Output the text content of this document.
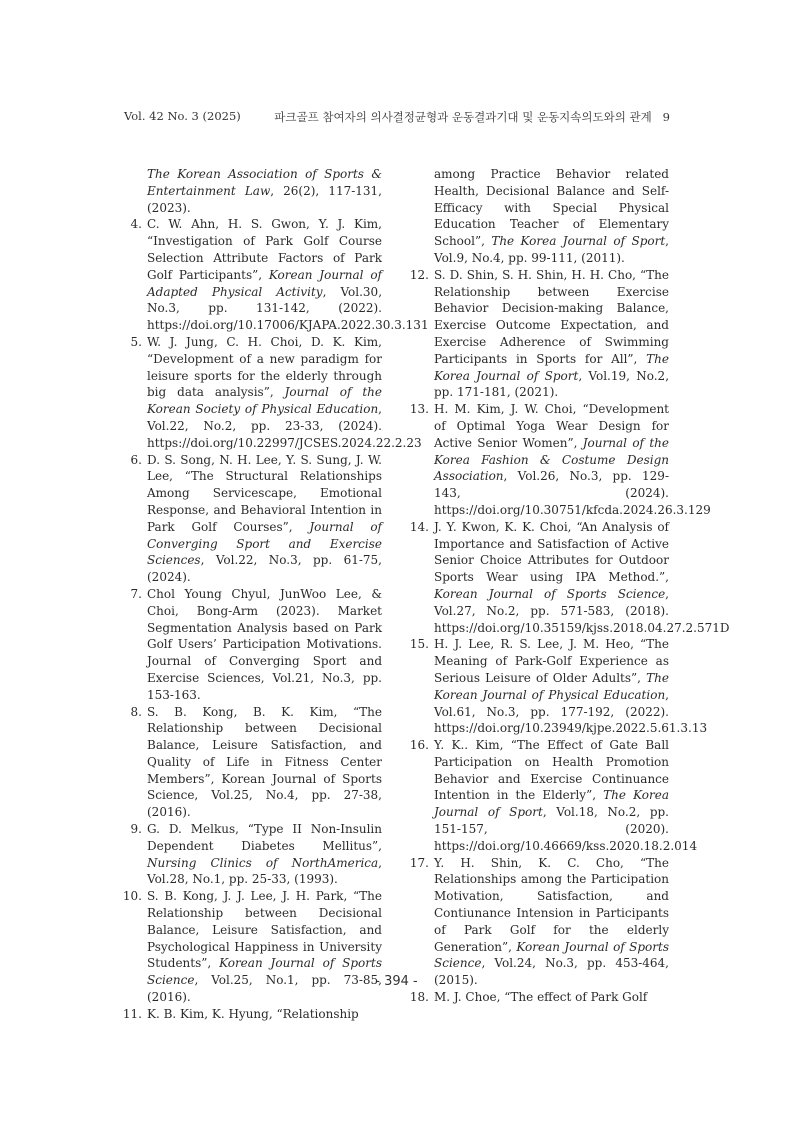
Vol. 42 No. 3 (2025)	파크골프 참여자의 의사결정균형과 운동결과기대 및 운동지속의도와의 관계 9
The Korean Association of Sports & Entertainment Law, 26(2), 117-131, (2023).
4. C. W. Ahn, H. S. Gwon, Y. J. Kim, “Investigation of Park Golf Course Selection Attribute Factors of Park Golf Participants”, Korean Journal of Adapted Physical Activity, Vol.30, No.3, pp. 131-142, (2022). https://doi.org/10.17006/KJAPA.2022.30.3.131
5. W. J. Jung, C. H. Choi, D. K. Kim, “Development of a new paradigm for leisure sports for the elderly through big data analysis”, Journal of the Korean Society of Physical Education, Vol.22, No.2, pp. 23-33, (2024). https://doi.org/10.22997/JCSES.2024.22.2.23
6. D. S. Song, N. H. Lee, Y. S. Sung, J. W. Lee, “The Structural Relationships Among Servicescape, Emotional Response, and Behavioral Intention in Park Golf Courses”, Journal of Converging Sport and Exercise Sciences, Vol.22, No.3, pp. 61-75, (2024).
7. Chol Young Chyul, JunWoo Lee, & Choi, Bong-Arm (2023). Market Segmentation Analysis based on Park Golf Users’ Participation Motivations. Journal of Converging Sport and Exercise Sciences, Vol.21, No.3, pp. 153-163.
8. S. B. Kong, B. K. Kim, “The Relationship between Decisional Balance, Leisure Satisfaction, and Quality of Life in Fitness Center Members”, Korean Journal of Sports Science, Vol.25, No.4, pp. 27-38, (2016).
9. G. D. Melkus, “Type II Non-Insulin Dependent Diabetes Mellitus”, Nursing Clinics of NorthAmerica, Vol.28, No.1, pp. 25-33, (1993).
10. S. B. Kong, J. J. Lee, J. H. Park, “The Relationship between Decisional Balance, Leisure Satisfaction, and Psychological Happiness in University Students”, Korean Journal of Sports Science, Vol.25, No.1, pp. 73-85, (2016).
11. K. B. Kim, K. Hyung, “Relationship
among Practice Behavior related Health, Decisional Balance and Self-Efficacy with Special Physical Education Teacher of Elementary School”, The Korea Journal of Sport, Vol.9, No.4, pp. 99-111, (2011).
12. S. D. Shin, S. H. Shin, H. H. Cho, “The Relationship between Exercise Behavior Decision-making Balance, Exercise Outcome Expectation, and Exercise Adherence of Swimming Participants in Sports for All”, The Korea Journal of Sport, Vol.19, No.2, pp. 171-181, (2021).
13. H. M. Kim, J. W. Choi, “Development of Optimal Yoga Wear Design for Active Senior Women”, Journal of the Korea Fashion & Costume Design Association, Vol.26, No.3, pp. 129-143, (2024). https://doi.org/10.30751/kfcda.2024.26.3.129
14. J. Y. Kwon, K. K. Choi, “An Analysis of Importance and Satisfaction of Active Senior Choice Attributes for Outdoor Sports Wear using IPA Method.”, Korean Journal of Sports Science, Vol.27, No.2, pp. 571-583, (2018). https://doi.org/10.35159/kjss.2018.04.27.2.571D
15. H. J. Lee, R. S. Lee, J. M. Heo, “The Meaning of Park-Golf Experience as Serious Leisure of Older Adults”, The Korean Journal of Physical Education, Vol.61, No.3, pp. 177-192, (2022). https://doi.org/10.23949/kjpe.2022.5.61.3.13
16. Y. K.. Kim, “The Effect of Gate Ball Participation on Health Promotion Behavior and Exercise Continuance Intention in the Elderly”, The Korea Journal of Sport, Vol.18, No.2, pp. 151-157, (2020). https://doi.org/10.46669/kss.2020.18.2.014
17. Y. H. Shin, K. C. Cho, “The Relationships among the Participation Motivation, Satisfaction, and Contiunance Intension in Participants of Park Golf for the elderly Generation”, Korean Journal of Sports Science, Vol.24, No.3, pp. 453-464, (2015).
18. M. J. Choe, “The effect of Park Golf
- 394 -
